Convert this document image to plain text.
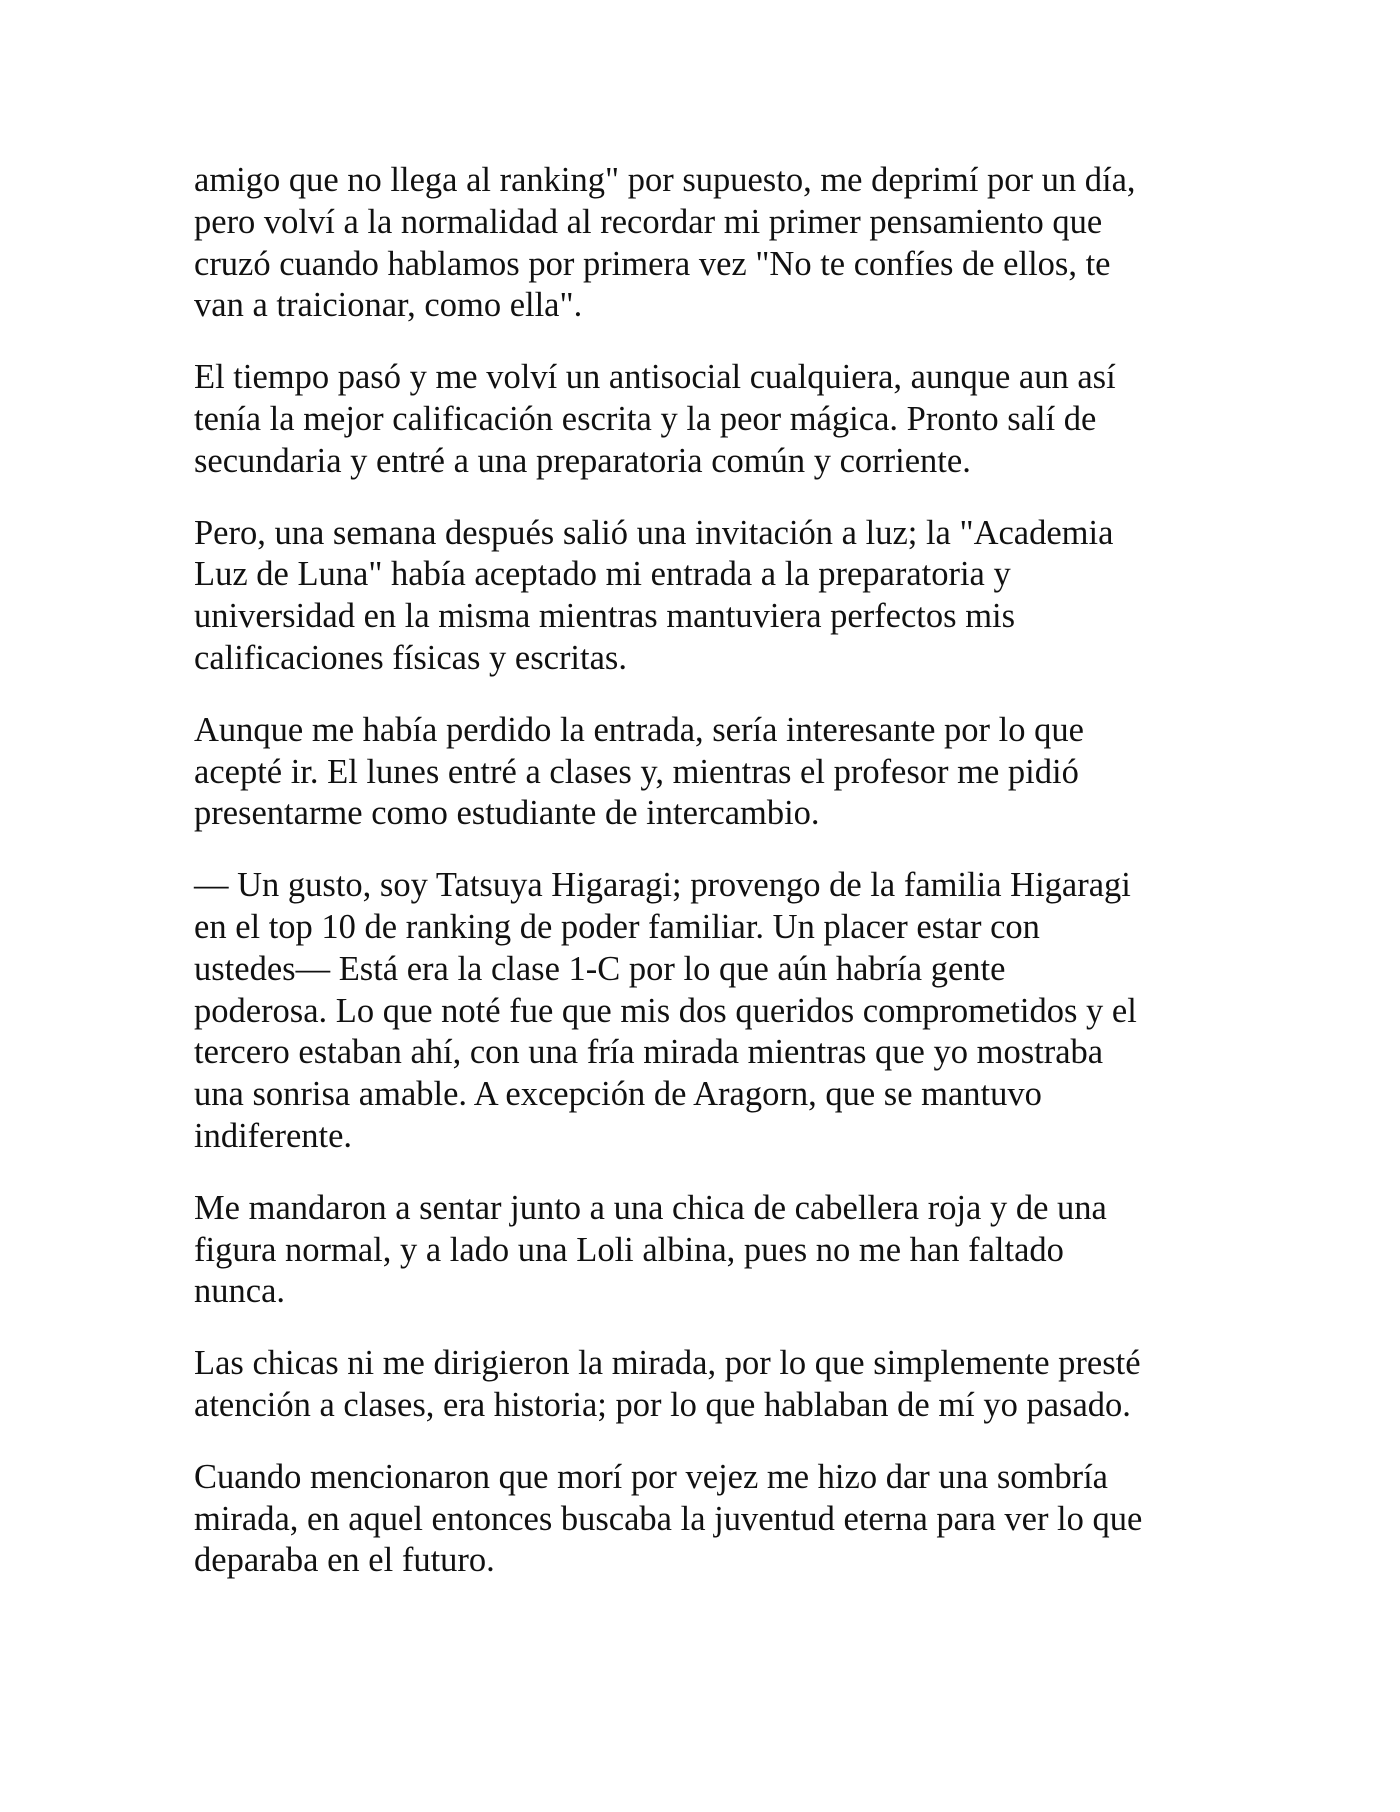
amigo que no llega al ranking" por supuesto, me deprimí por un día,
pero volví a la normalidad al recordar mi primer pensamiento que
cruzó cuando hablamos por primera vez "No te confíes de ellos, te
van a traicionar, como ella".

El tiempo pasó y me volví un antisocial cualquiera, aunque aun así
tenía la mejor calificación escrita y la peor mágica. Pronto salí de
secundaria y entré a una preparatoria común y corriente.

Pero, una semana después salió una invitación a luz; la "Academia
Luz de Luna" había aceptado mi entrada a la preparatoria y
universidad en la misma mientras mantuviera perfectos mis
calificaciones físicas y escritas.

Aunque me había perdido la entrada, sería interesante por lo que
acepté ir. El lunes entré a clases y, mientras el profesor me pidió
presentarme como estudiante de intercambio.

— Un gusto, soy Tatsuya Higaragi; provengo de la familia Higaragi
en el top 10 de ranking de poder familiar. Un placer estar con
ustedes— Está era la clase 1-C por lo que aún habría gente
poderosa. Lo que noté fue que mis dos queridos comprometidos y el
tercero estaban ahí, con una fría mirada mientras que yo mostraba
una sonrisa amable. A excepción de Aragorn, que se mantuvo
indiferente.

Me mandaron a sentar junto a una chica de cabellera roja y de una
figura normal, y a lado una Loli albina, pues no me han faltado
nunca.

Las chicas ni me dirigieron la mirada, por lo que simplemente presté
atención a clases, era historia; por lo que hablaban de mí yo pasado.

Cuando mencionaron que morí por vejez me hizo dar una sombría
mirada, en aquel entonces buscaba la juventud eterna para ver lo que
deparaba en el futuro.
